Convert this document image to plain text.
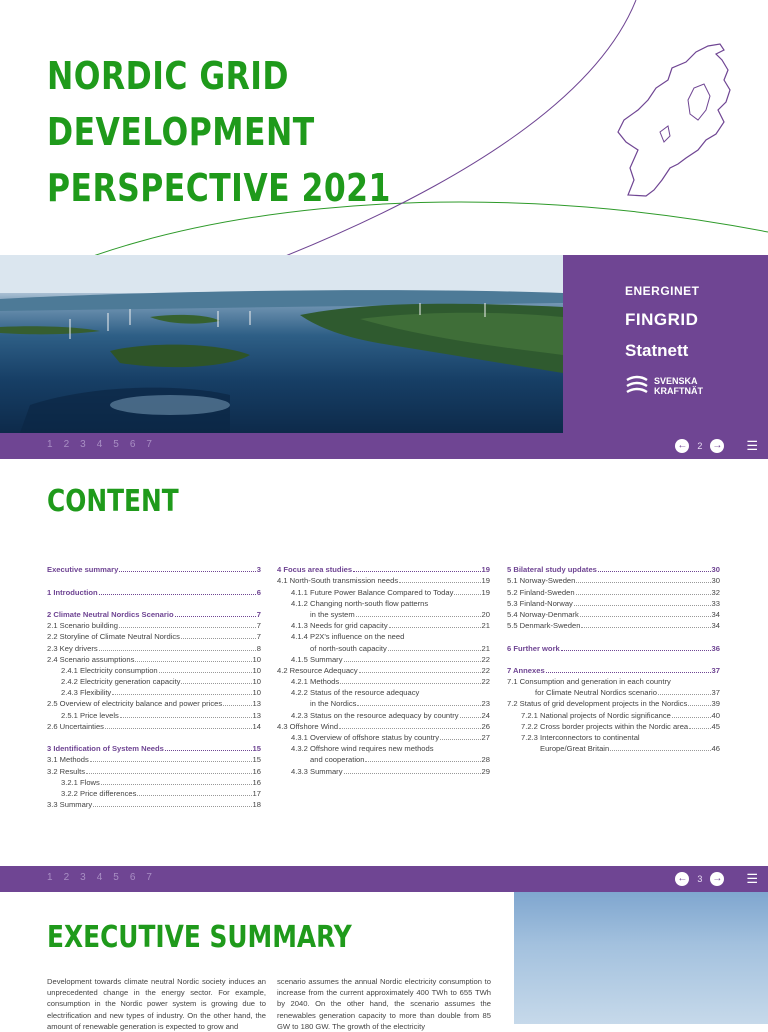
NORDIC GRID DEVELOPMENT
PERSPECTIVE 2021
ENERGINET
FINGRID
Statnett
SVENSKA
KRAFTNÄT
1 2 3 4 5 6 7	← 2 → ☰
CONTENT
Executive summary	3
1 Introduction	6
2 Climate Neutral Nordics Scenario	7
2.1 Scenario building	7
2.2 Storyline of Climate Neutral Nordics	7
2.3 Key drivers	8
2.4 Scenario assumptions	10
2.4.1 Electricity consumption	10
2.4.2 Electricity generation capacity	10
2.4.3 Flexibility	10
2.5 Overview of electricity balance and power prices	13
2.5.1 Price levels	13
2.6 Uncertainties	14
3 Identification of System Needs	15
3.1 Methods	15
3.2 Results	16
3.2.1 Flows	16
3.2.2 Price differences	17
3.3 Summary	18
4 Focus area studies	19
4.1 North-South transmission needs	19
4.1.1 Future Power Balance Compared to Today	19
4.1.2 Changing north-south flow patterns
in the system	20
4.1.3 Needs for grid capacity	21
4.1.4 P2X's influence on the need
of north-south capacity	21
4.1.5 Summary	22
4.2 Resource Adequacy	22
4.2.1 Methods	22
4.2.2 Status of the resource adequacy
in the Nordics	23
4.2.3 Status on the resource adequacy by country	24
4.3 Offshore Wind	26
4.3.1 Overview of offshore status by country	27
4.3.2 Offshore wind requires new methods
and cooperation	28
4.3.3 Summary	29
5 Bilateral study updates	30
5.1 Norway-Sweden	30
5.2 Finland-Sweden	32
5.3 Finland-Norway	33
5.4 Norway-Denmark	34
5.5 Denmark-Sweden	34
6 Further work	36
7 Annexes	37
7.1 Consumption and generation in each country
for Climate Neutral Nordics scenario	37
7.2 Status of grid development projects in the Nordics	39
7.2.1 National projects of Nordic significance	40
7.2.2 Cross border projects within the Nordic area	45
7.2.3 Interconnectors to continental
Europe/Great Britain	46
1 2 3 4 5 6 7	← 3 → ☰
EXECUTIVE SUMMARY
Development towards climate neutral Nordic society induces an unprecedented change in the energy sector. For example, consumption in the Nordic power system is growing due to electrification and new types of industry. On the other hand, the amount of renewable generation is expected to grow and
scenario assumes the annual Nordic electricity consumption to increase from the current approximately 400 TWh to 655 TWh by 2040. On the other hand, the scenario assumes the renewables generation capacity to more than double from 85 GW to 180 GW. The growth of the electricity
